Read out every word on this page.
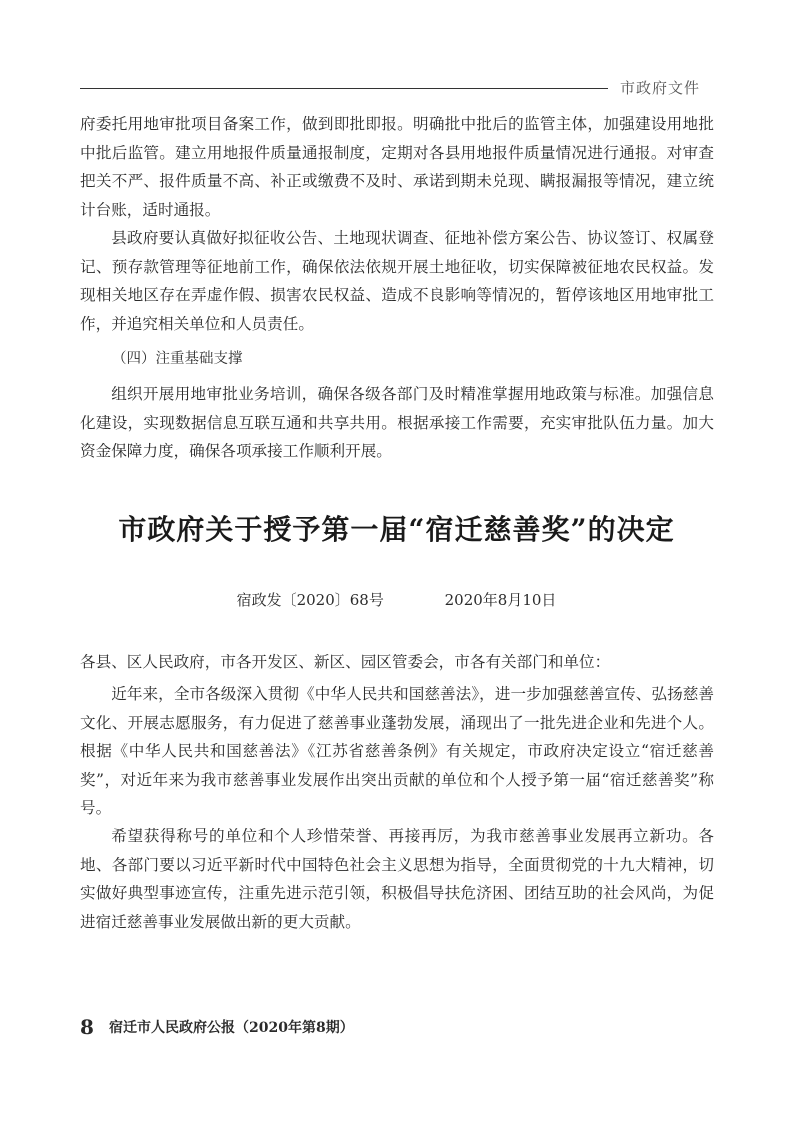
市政府文件

府委托用地审批项目备案工作，做到即批即报。明确批中批后的监管主体，加强建设用地批中批后监管。建立用地报件质量通报制度，定期对各县用地报件质量情况进行通报。对审查把关不严、报件质量不高、补正或缴费不及时、承诺到期未兑现、瞒报漏报等情况，建立统计台账，适时通报。

县政府要认真做好拟征收公告、土地现状调查、征地补偿方案公告、协议签订、权属登记、预存款管理等征地前工作，确保依法依规开展土地征收，切实保障被征地农民权益。发现相关地区存在弄虚作假、损害农民权益、造成不良影响等情况的，暂停该地区用地审批工作，并追究相关单位和人员责任。

（四）注重基础支撑

组织开展用地审批业务培训，确保各级各部门及时精准掌握用地政策与标准。加强信息化建设，实现数据信息互联互通和共享共用。根据承接工作需要，充实审批队伍力量。加大资金保障力度，确保各项承接工作顺利开展。

市政府关于授予第一届“宿迁慈善奖”的决定
宿政发〔2020〕68号	2020年8月10日

各县、区人民政府，市各开发区、新区、园区管委会，市各有关部门和单位：

近年来，全市各级深入贯彻《中华人民共和国慈善法》，进一步加强慈善宣传、弘扬慈善文化、开展志愿服务，有力促进了慈善事业蓬勃发展，涌现出了一批先进企业和先进个人。根据《中华人民共和国慈善法》《江苏省慈善条例》有关规定，市政府决定设立“宿迁慈善奖”，对近年来为我市慈善事业发展作出突出贡献的单位和个人授予第一届“宿迁慈善奖”称号。

希望获得称号的单位和个人珍惜荣誉、再接再厉，为我市慈善事业发展再立新功。各地、各部门要以习近平新时代中国特色社会主义思想为指导，全面贯彻党的十九大精神，切实做好典型事迹宣传，注重先进示范引领，积极倡导扶危济困、团结互助的社会风尚，为促进宿迁慈善事业发展做出新的更大贡献。

8 宿迁市人民政府公报（2020年第8期）
